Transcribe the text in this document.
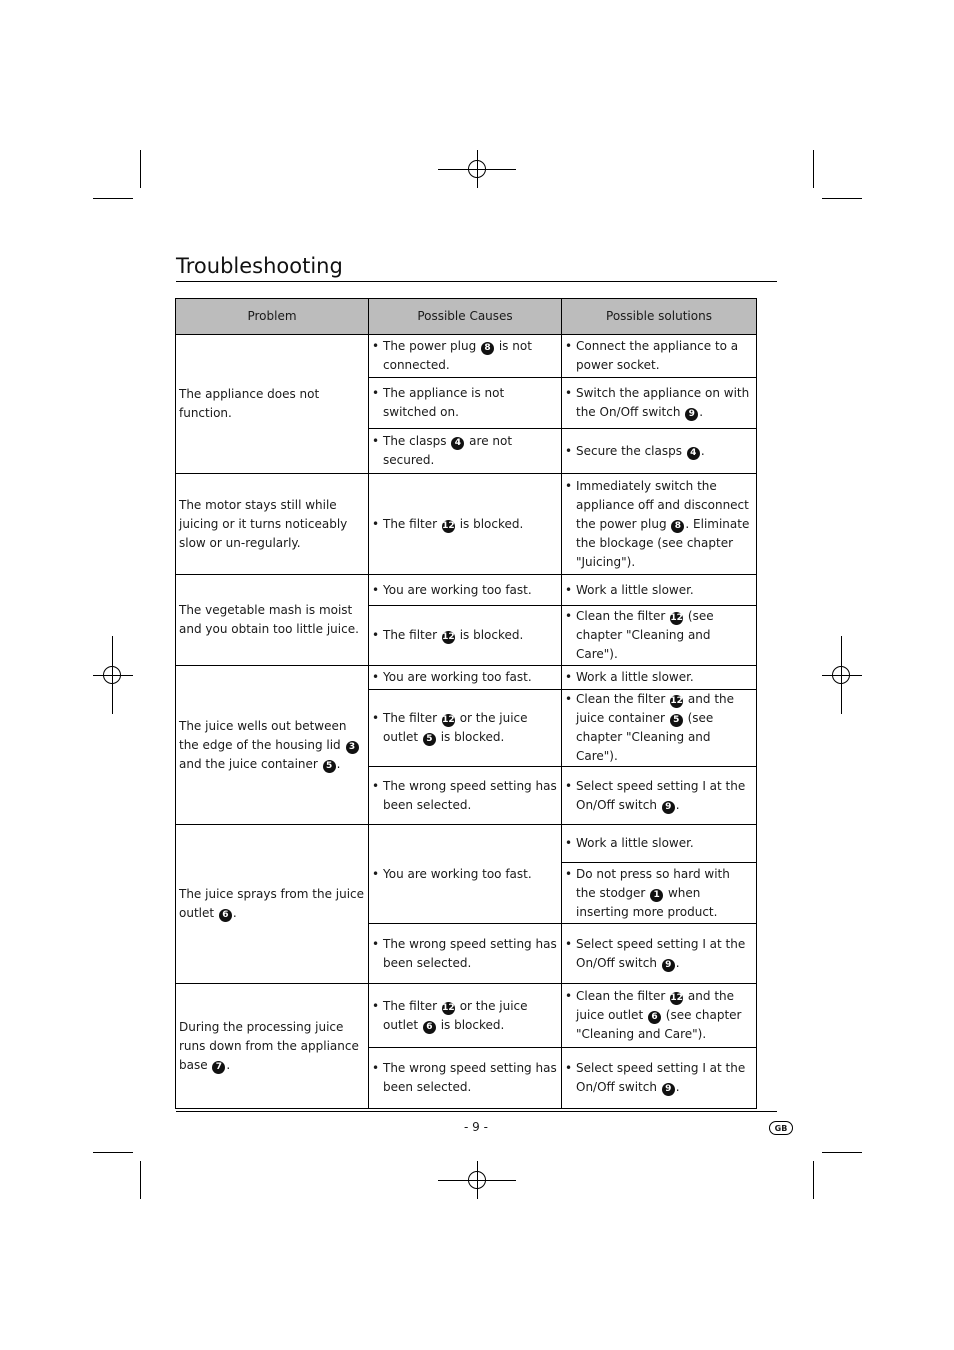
Troubleshooting
Problem	Possible Causes	Possible solutions
The appliance does not function.	• The power plug 8 is not connected.	• Connect the appliance to a power socket.

	• The appliance is not switched on.	• Switch the appliance on with the On/Off switch 9 .

	• The clasps 4 are not secured.	• Secure the clasps 4 .

The motor stays still while juicing or it turns noticeably slow or un-regularly.	• The filter 12 is blocked.	• Immediately switch the appliance off and disconnect the power plug 8 . Eliminate the blockage (see chapter "Juicing").

The vegetable mash is moist and you obtain too little juice.	• You are working too fast.	• Work a little slower.

	• The filter 12 is blocked.	• Clean the filter 12 (see chapter "Cleaning and Care").

The juice wells out between the edge of the housing lid 3 and the juice container 5 .	• You are working too fast.	• Work a little slower.

	• The filter 12 or the juice outlet 5 is blocked.	• Clean the filter 12 and the juice container 5 (see chapter "Cleaning and Care").

	• The wrong speed setting has been selected.	• Select speed setting I at the On/Off switch 9 .

The juice sprays from the juice outlet 6 .	• You are working too fast.	• Work a little slower.

		• Do not press so hard with the stodger 1 when inserting more product.

	• The wrong speed setting has been selected.	• Select speed setting I at the On/Off switch 9 .

During the processing juice runs down from the appliance base 7 .	• The filter 12 or the juice outlet 6 is blocked.	• Clean the filter 12 and the juice outlet 6 (see chapter "Cleaning and Care").

	• The wrong speed setting has been selected.	• Select speed setting I at the On/Off switch 9 .
- 9 -	GB
